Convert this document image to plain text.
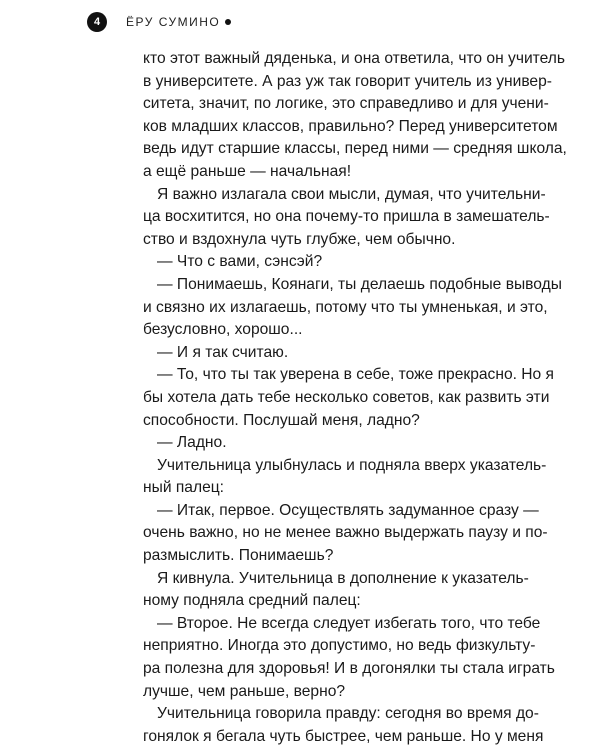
4	ЁРУ СУМИНО
кто этот важный дяденька, и она ответила, что он учитель
в университете. А раз уж так говорит учитель из универ-
ситета, значит, по логике, это справедливо и для учени-
ков младших классов, правильно? Перед университетом
ведь идут старшие классы, перед ними — средняя школа,
а ещё раньше — начальная!
Я важно излагала свои мысли, думая, что учительни-
ца восхитится, но она почему-то пришла в замешатель-
ство и вздохнула чуть глубже, чем обычно.
— Что с вами, сэнсэй?
— Понимаешь, Коянаги, ты делаешь подобные выводы
и связно их излагаешь, потому что ты умненькая, и это,
безусловно, хорошо...
— И я так считаю.
— То, что ты так уверена в себе, тоже прекрасно. Но я
бы хотела дать тебе несколько советов, как развить эти
способности. Послушай меня, ладно?
— Ладно.
Учительница улыбнулась и подняла вверх указатель-
ный палец:
— Итак, первое. Осуществлять задуманное сразу —
очень важно, но не менее важно выдержать паузу и по-
размыслить. Понимаешь?
Я кивнула. Учительница в дополнение к указатель-
ному подняла средний палец:
— Второе. Не всегда следует избегать того, что тебе
неприятно. Иногда это допустимо, но ведь физкульту-
ра полезна для здоровья! И в догонялки ты стала играть
лучше, чем раньше, верно?
Учительница говорила правду: сегодня во время до-
гонялок я бегала чуть быстрее, чем раньше. Но у меня
